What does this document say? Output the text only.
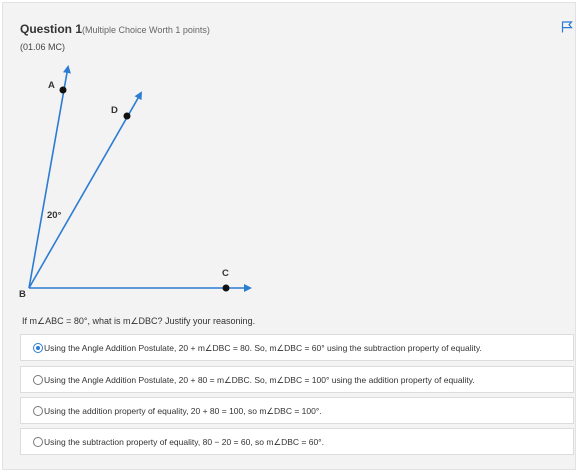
Question 1(Multiple Choice Worth 1 points)
(01.06 MC)
A
D
C
B
20°
If m∠ABC = 80°, what is m∠DBC? Justify your reasoning.
Using the Angle Addition Postulate, 20 + m∠DBC = 80. So, m∠DBC = 60° using the subtraction property of equality.
Using the Angle Addition Postulate, 20 + 80 = m∠DBC. So, m∠DBC = 100° using the addition property of equality.
Using the addition property of equality, 20 + 80 = 100, so m∠DBC = 100°.
Using the subtraction property of equality, 80 − 20 = 60, so m∠DBC = 60°.
